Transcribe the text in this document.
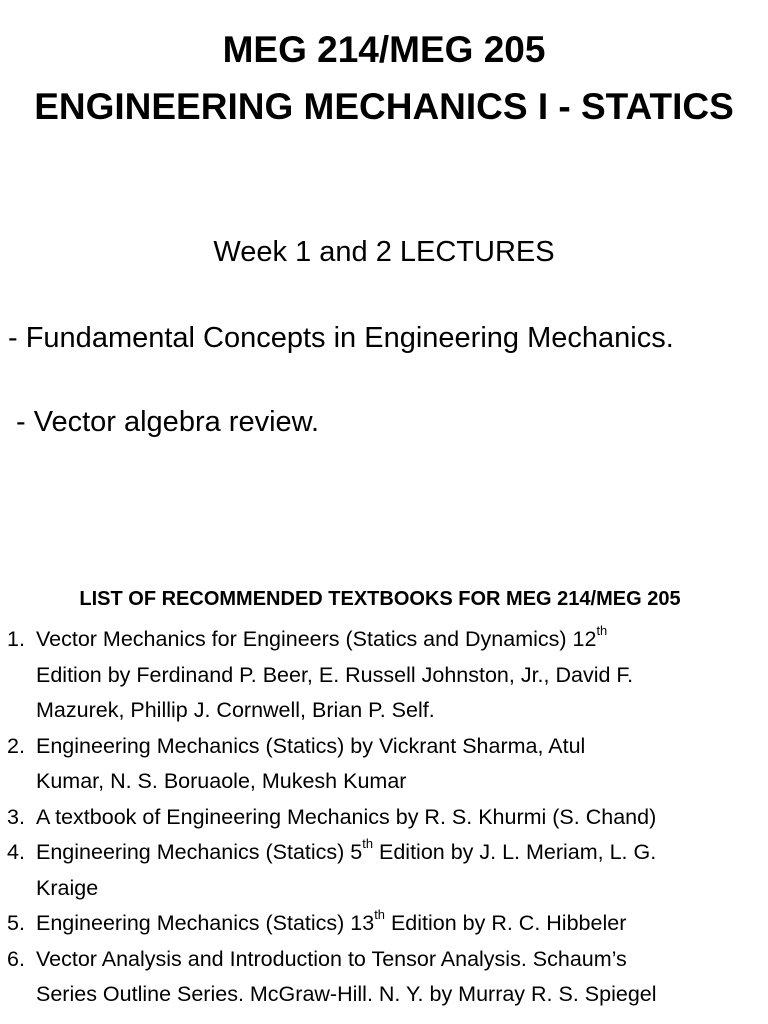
MEG 214/MEG 205
ENGINEERING MECHANICS I - STATICS
Week 1 and 2 LECTURES
- Fundamental Concepts in Engineering Mechanics.
- Vector algebra review.
LIST OF RECOMMENDED TEXTBOOKS FOR MEG 214/MEG 205
1. Vector Mechanics for Engineers (Statics and Dynamics) 12th
Edition by Ferdinand P. Beer, E. Russell Johnston, Jr., David F.
Mazurek, Phillip J. Cornwell, Brian P. Self.
2. Engineering Mechanics (Statics) by Vickrant Sharma, Atul
Kumar, N. S. Boruaole, Mukesh Kumar
3. A textbook of Engineering Mechanics by R. S. Khurmi (S. Chand)
4. Engineering Mechanics (Statics) 5th Edition by J. L. Meriam, L. G.
Kraige
5. Engineering Mechanics (Statics) 13th Edition by R. C. Hibbeler
6. Vector Analysis and Introduction to Tensor Analysis. Schaum’s
Series Outline Series. McGraw-Hill. N. Y. by Murray R. S. Spiegel
